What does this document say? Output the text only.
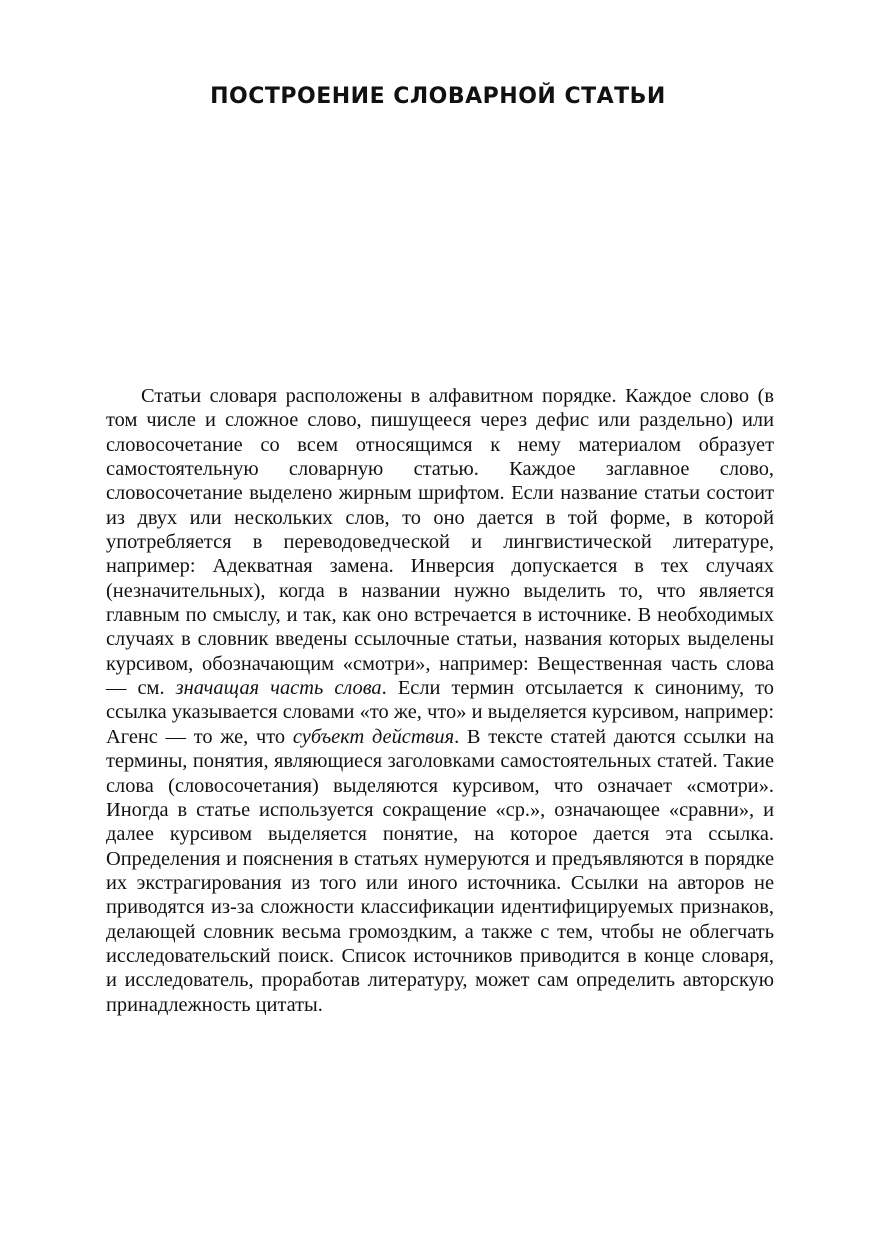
ПОСТРОЕНИЕ СЛОВАРНОЙ СТАТЬИ

Статьи словаря расположены в алфавитном порядке. Каждое слово (в том числе и сложное слово, пишущееся через дефис или раздельно) или словосочетание со всем относящимся к нему материалом образует самостоятельную словарную статью. Каждое заглавное слово, словосочетание выделено жирным шрифтом. Если название статьи состоит из двух или нескольких слов, то оно дается в той форме, в которой употребляется в переводоведческой и лингвистической литературе, например: Адекватная замена. Инверсия допускается в тех случаях (незначительных), когда в названии нужно выделить то, что является главным по смыслу, и так, как оно встречается в источнике. В необходимых случаях в словник введены ссылочные статьи, названия которых выделены курсивом, обозначающим «смотри», например: Вещественная часть слова — см. значащая часть слова. Если термин отсылается к синониму, то ссылка указывается словами «то же, что» и выделяется курсивом, например: Агенс — то же, что субъект действия. В тексте статей даются ссылки на термины, понятия, являющиеся заголовками самостоятельных статей. Такие слова (словосочетания) выделяются курсивом, что означает «смотри». Иногда в статье используется сокращение «ср.», означающее «сравни», и далее курсивом выделяется понятие, на которое дается эта ссылка. Определения и пояснения в статьях нумеруются и предъявляются в порядке их экстрагирования из того или иного источника. Ссылки на авторов не приводятся из-за сложности классификации идентифицируемых признаков, делающей словник весьма громоздким, а также с тем, чтобы не облегчать исследовательский поиск. Список источников приводится в конце словаря, и исследователь, проработав литературу, может сам определить авторскую принадлежность цитаты.
